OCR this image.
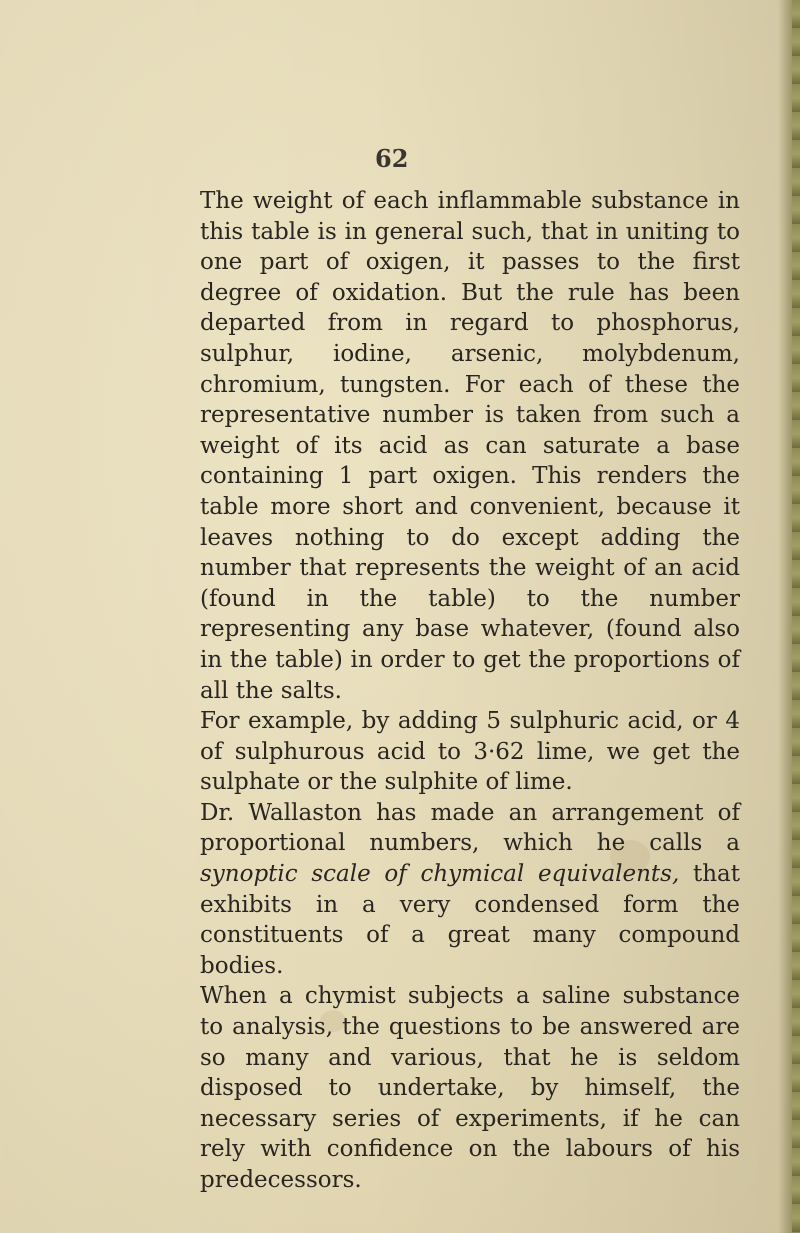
62

The weight of each inflammable substance in this table is in general such, that in uniting to one part of oxigen, it passes to the first degree of oxidation. But the rule has been departed from in regard to phosphorus, sulphur, iodine, arsenic, molybdenum, chromium, tungsten. For each of these the representative number is taken from such a weight of its acid as can saturate a base containing 1 part oxigen. This renders the table more short and convenient, because it leaves nothing to do except adding the number that represents the weight of an acid (found in the table) to the number representing any base whatever, (found also in the table) in order to get the proportions of all the salts.

For example, by adding 5 sulphuric acid, or 4 of sulphurous acid to 3·62 lime, we get the sulphate or the sulphite of lime.

Dr. Wallaston has made an arrangement of proportional numbers, which he calls a synoptic scale of chymical equivalents, that exhibits in a very condensed form the constituents of a great many compound bodies.

When a chymist subjects a saline substance to analysis, the questions to be answered are so many and various, that he is seldom disposed to undertake, by himself, the necessary series of experiments, if he can rely with confidence on the labours of his predecessors.
